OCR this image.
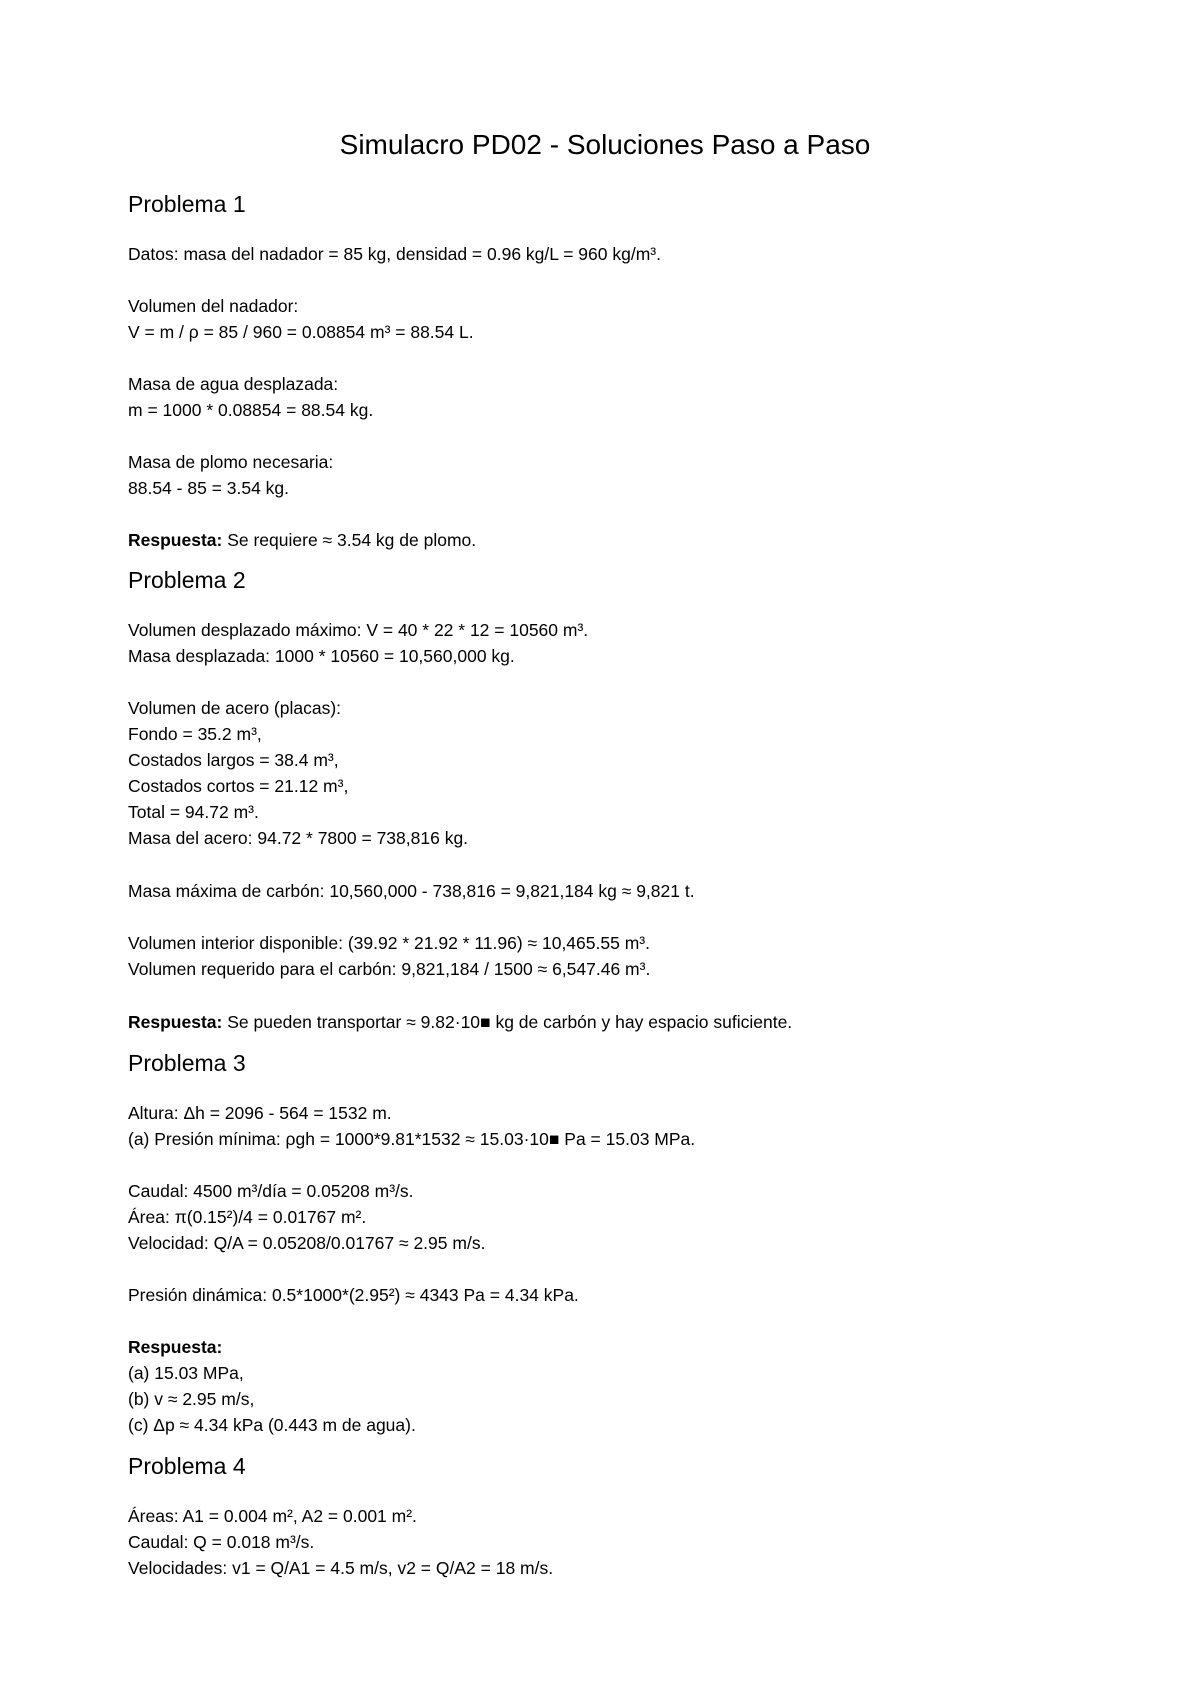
Simulacro PD02 - Soluciones Paso a Paso
Problema 1

Datos: masa del nadador = 85 kg, densidad = 0.96 kg/L = 960 kg/m³.

Volumen del nadador:

V = m / ρ = 85 / 960 = 0.08854 m³ = 88.54 L.

Masa de agua desplazada:

m = 1000 * 0.08854 = 88.54 kg.

Masa de plomo necesaria:

88.54 - 85 = 3.54 kg.

Respuesta: Se requiere ≈ 3.54 kg de plomo.

Problema 2

Volumen desplazado máximo: V = 40 * 22 * 12 = 10560 m³.

Masa desplazada: 1000 * 10560 = 10,560,000 kg.

Volumen de acero (placas):

Fondo = 35.2 m³,

Costados largos = 38.4 m³,

Costados cortos = 21.12 m³,

Total = 94.72 m³.

Masa del acero: 94.72 * 7800 = 738,816 kg.

Masa máxima de carbón: 10,560,000 - 738,816 = 9,821,184 kg ≈ 9,821 t.

Volumen interior disponible: (39.92 * 21.92 * 11.96) ≈ 10,465.55 m³.

Volumen requerido para el carbón: 9,821,184 / 1500 ≈ 6,547.46 m³.

Respuesta: Se pueden transportar ≈ 9.82·10■ kg de carbón y hay espacio suficiente.

Problema 3

Altura: Δh = 2096 - 564 = 1532 m.

(a) Presión mínima: ρgh = 1000*9.81*1532 ≈ 15.03·10■ Pa = 15.03 MPa.

Caudal: 4500 m³/día = 0.05208 m³/s.

Área: π(0.15²)/4 = 0.01767 m².

Velocidad: Q/A = 0.05208/0.01767 ≈ 2.95 m/s.

Presión dinámica: 0.5*1000*(2.95²) ≈ 4343 Pa = 4.34 kPa.

Respuesta:

(a) 15.03 MPa,

(b) v ≈ 2.95 m/s,

(c) Δp ≈ 4.34 kPa (0.443 m de agua).

Problema 4

Áreas: A1 = 0.004 m², A2 = 0.001 m².

Caudal: Q = 0.018 m³/s.

Velocidades: v1 = Q/A1 = 4.5 m/s, v2 = Q/A2 = 18 m/s.
